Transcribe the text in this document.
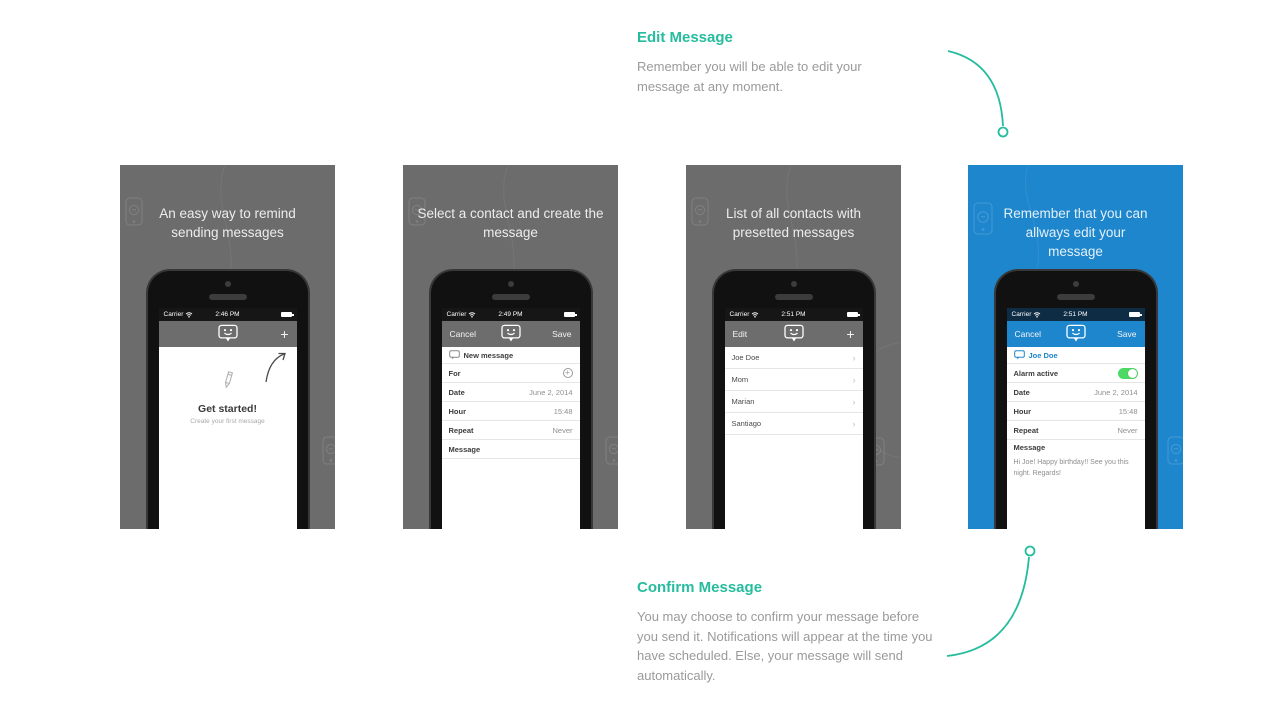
Edit Message
Remember you will be able to edit your message at any moment.
Confirm Message
You may choose to confirm your message before you send it. Notifications will appear at the time you have scheduled. Else, your message will send automatically.
An easy way to remind sending messages
Carrier	2:46 PM
+
Get started!
Create your first message
Select a contact and create the message
Carrier	2:49 PM
Cancel	Save
New message
For	+
Date	June 2, 2014
Hour	15:48
Repeat	Never
Message
List of all contacts with presetted messages
Carrier	2:51 PM
Edit	+
Joe Doe	›
Mom	›
Marian	›
Santiago	›
Remember that you can allways edit your message
Carrier	2:51 PM
Cancel	Save
Joe Doe
Alarm active
Date	June 2, 2014
Hour	15:48
Repeat	Never
Message
Hi Joe! Happy birthday!! See you this night. Regards!
